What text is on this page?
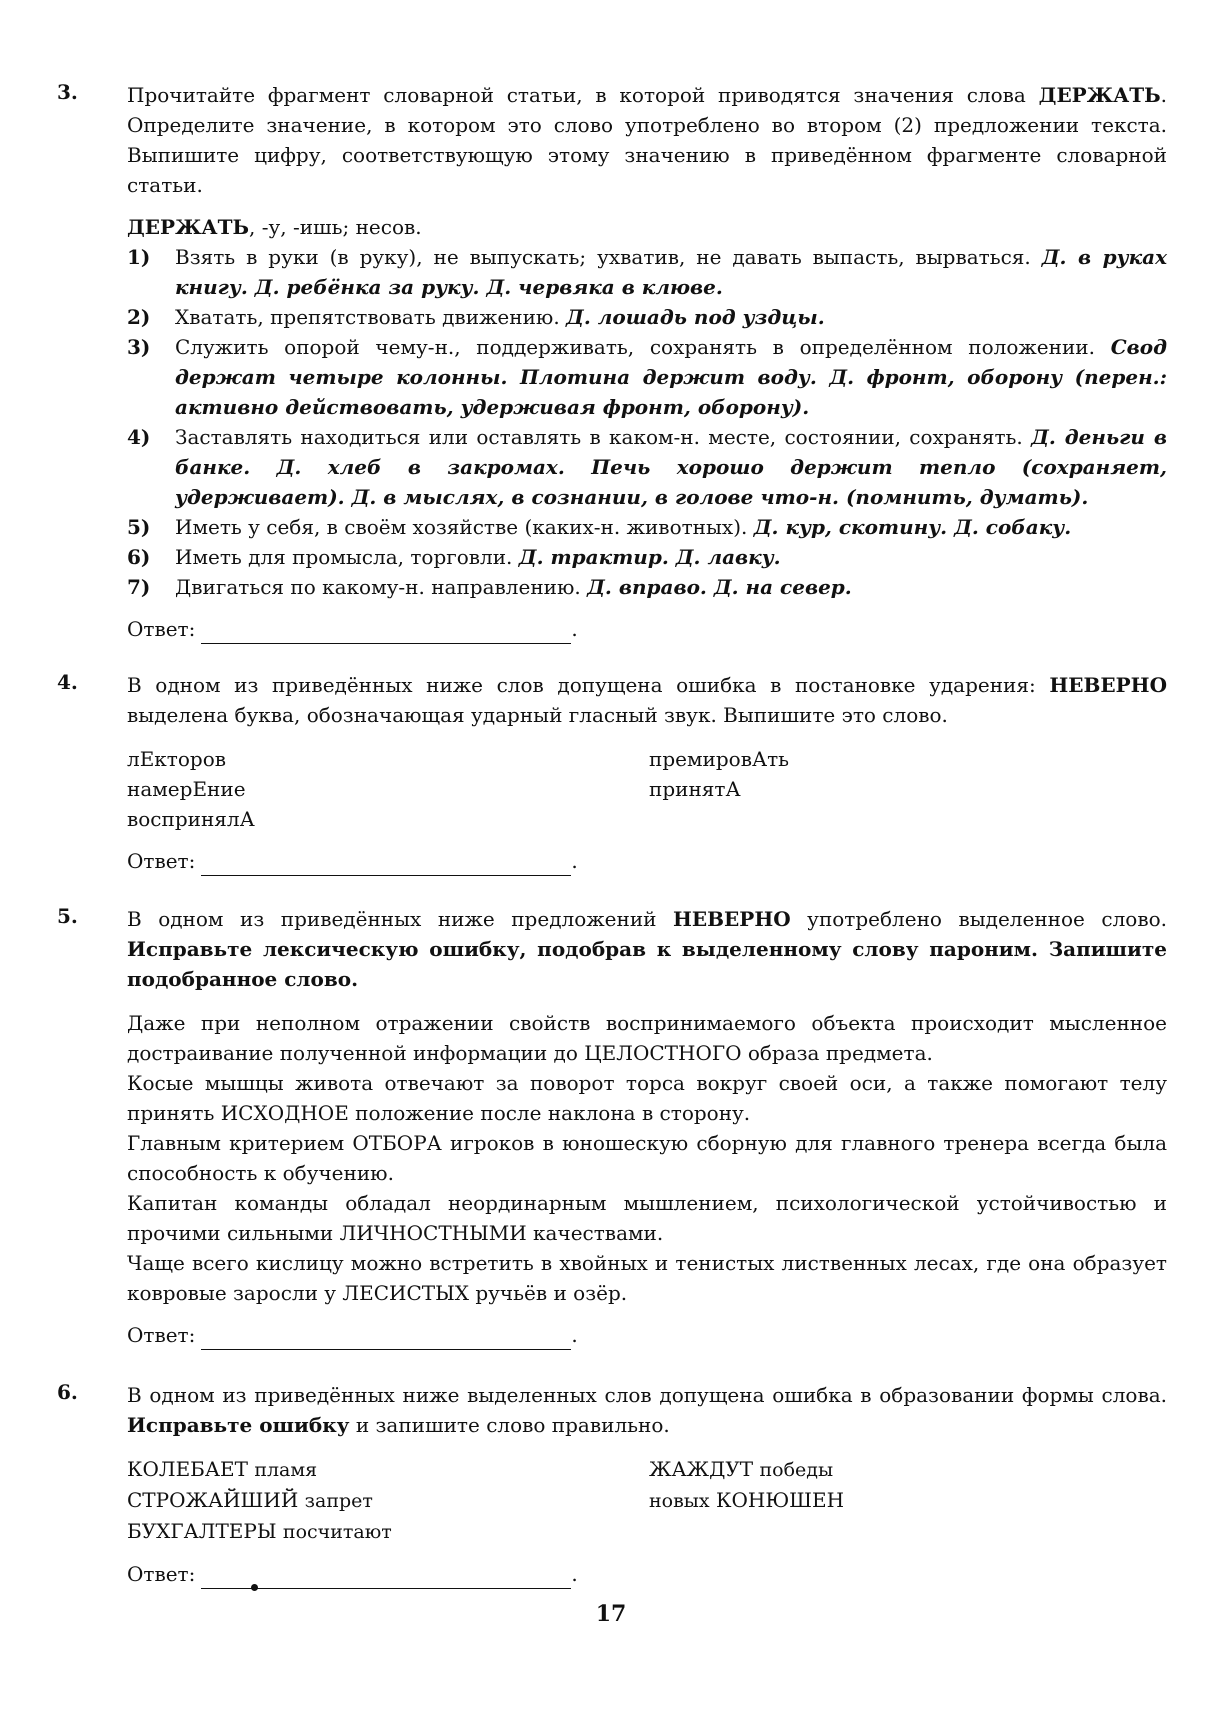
3. Прочитайте фрагмент словарной статьи, в которой приводятся значения слова ДЕРЖАТЬ. Определите значение, в котором это слово употреблено во втором (2) предложении текста. Выпишите цифру, соответствующую этому значению в приведённом фрагменте словарной статьи.

ДЕРЖАТЬ, -у, -ишь; несов.

1)	Взять в руки (в руку), не выпускать; ухватив, не давать выпасть, вырваться. Д. в руках книгу. Д. ребёнка за руку. Д. червяка в клюве.
2)	Хватать, препятствовать движению. Д. лошадь под уздцы.
3)	Служить опорой чему-н., поддерживать, сохранять в определённом положении. Свод держат четыре колонны. Плотина держит воду. Д. фронт, оборону (перен.: активно действовать, удерживая фронт, оборону).
4)	Заставлять находиться или оставлять в каком-н. месте, состоянии, сохранять. Д. деньги в банке. Д. хлеб в закромах. Печь хорошо держит тепло (сохраняет, удерживает). Д. в мыслях, в сознании, в голове что-н. (помнить, думать).
5)	Иметь у себя, в своём хозяйстве (каких-н. животных). Д. кур, скотину. Д. собаку.
6)	Иметь для промысла, торговли. Д. трактир. Д. лавку.
7)	Двигаться по какому-н. направлению. Д. вправо. Д. на север.
Ответ:	.
4. В одном из приведённых ниже слов допущена ошибка в постановке ударения: НЕВЕРНО выделена буква, обозначающая ударный гласный звук. Выпишите это слово.

лЕкторов
намерЕние
воспринялА
премировАть
принятА
Ответ:	.
5. В одном из приведённых ниже предложений НЕВЕРНО употреблено выделенное слово. Исправьте лексическую ошибку, подобрав к выделенному слову пароним. Запишите подобранное слово.

Даже при неполном отражении свойств воспринимаемого объекта происходит мысленное достраивание полученной информации до ЦЕЛОСТНОГО образа предмета.

Косые мышцы живота отвечают за поворот торса вокруг своей оси, а также помогают телу принять ИСХОДНОЕ положение после наклона в сторону.

Главным критерием ОТБОРА игроков в юношескую сборную для главного тренера всегда была способность к обучению.

Капитан команды обладал неординарным мышлением, психологической устойчивостью и прочими сильными ЛИЧНОСТНЫМИ качествами.

Чаще всего кислицу можно встретить в хвойных и тенистых лиственных лесах, где она образует ковровые заросли у ЛЕСИСТЫХ ручьёв и озёр.

Ответ:	.
6. В одном из приведённых ниже выделенных слов допущена ошибка в образовании формы слова. Исправьте ошибку и запишите слово правильно.

КОЛЕБАЕТ пламя
СТРОЖАЙШИЙ запрет
БУХГАЛТЕРЫ посчитают
ЖАЖДУТ победы
новых КОНЮШЕН
Ответ:	.
17
